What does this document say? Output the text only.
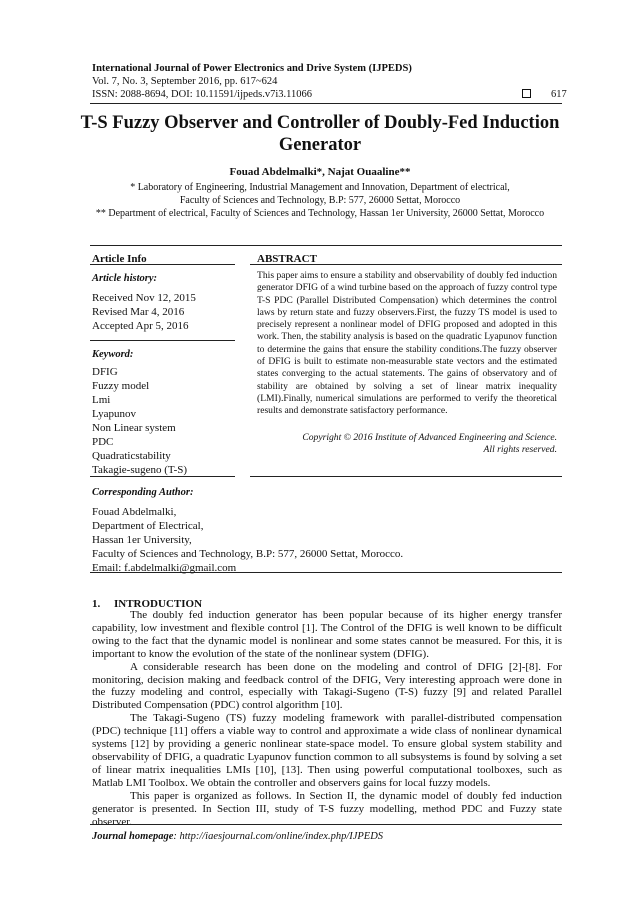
International Journal of Power Electronics and Drive System (IJPEDS)
Vol. 7, No. 3, September 2016, pp. 617~624
ISSN: 2088-8694, DOI: 10.11591/ijpeds.v7i3.11066	617
T-S Fuzzy Observer and Controller of Doubly-Fed Induction
Generator
Fouad Abdelmalki*, Najat Ouaaline**
* Laboratory of Engineering, Industrial Management and Innovation, Department of electrical,
Faculty of Sciences and Technology, B.P: 577, 26000 Settat, Morocco
** Department of electrical, Faculty of Sciences and Technology, Hassan 1er University, 26000 Settat, Morocco
Article Info	ABSTRACT
Article history:
Received Nov 12, 2015
Revised Mar 4, 2016
Accepted Apr 5, 2016
Keyword:
DFIG
Fuzzy model
Lmi
Lyapunov
Non Linear system
PDC
Quadraticstability
Takagie-sugeno (T-S)
This paper aims to ensure a stability and observability of doubly fed induction generator DFIG of a wind turbine based on the approach of fuzzy control type T-S PDC (Parallel Distributed Compensation) which determines the control laws by return state and fuzzy observers.First, the fuzzy TS model is used to precisely represent a nonlinear model of DFIG proposed and adopted in this work. Then, the stability analysis is based on the quadratic Lyapunov function to determine the gains that ensure the stability conditions.The fuzzy observer of DFIG is built to estimate non-measurable state vectors and the estimated states converging to the actual statements. The gains of observatory and of stability are obtained by solving a set of linear matrix inequality (LMI).Finally, numerical simulations are performed to verify the theoretical results and demonstrate satisfactory performance.
Copyright © 2016 Institute of Advanced Engineering and Science.
All rights reserved.
Corresponding Author:
Fouad Abdelmalki,
Department of Electrical,
Hassan 1er University,
Faculty of Sciences and Technology, B.P: 577, 26000 Settat, Morocco.
Email: f.abdelmalki@gmail.com
1. INTRODUCTION

The doubly fed induction generator has been popular because of its higher energy transfer capability, low investment and flexible control [1]. The Control of the DFIG is well known to be difficult owing to the fact that the dynamic model is nonlinear and some states cannot be measured. For this, it is important to know the evolution of the state of the nonlinear system (DFIG).

A considerable research has been done on the modeling and control of DFIG [2]-[8]. For monitoring, decision making and feedback control of the DFIG, Very interesting approach were done in the fuzzy modeling and control, especially with Takagi-Sugeno (T-S) fuzzy [9] and related Parallel Distributed Compensation (PDC) control algorithm [10].

The Takagi-Sugeno (TS) fuzzy modeling framework with parallel-distributed compensation (PDC) technique [11] offers a viable way to control and approximate a wide class of nonlinear dynamical systems [12] by providing a generic nonlinear state-space model. To ensure global system stability and observability of DFIG, a quadratic Lyapunov function common to all subsystems is found by solving a set of linear matrix inequalities LMIs [10], [13]. Then using powerful computational toolboxes, such as Matlab LMI Toolbox. We obtain the controller and observers gains for local fuzzy models.

This paper is organized as follows. In Section II, the dynamic model of doubly fed induction generator is presented. In Section III, study of T-S fuzzy modelling, method PDC and Fuzzy state observer.

Journal homepage: http://iaesjournal.com/online/index.php/IJPEDS
